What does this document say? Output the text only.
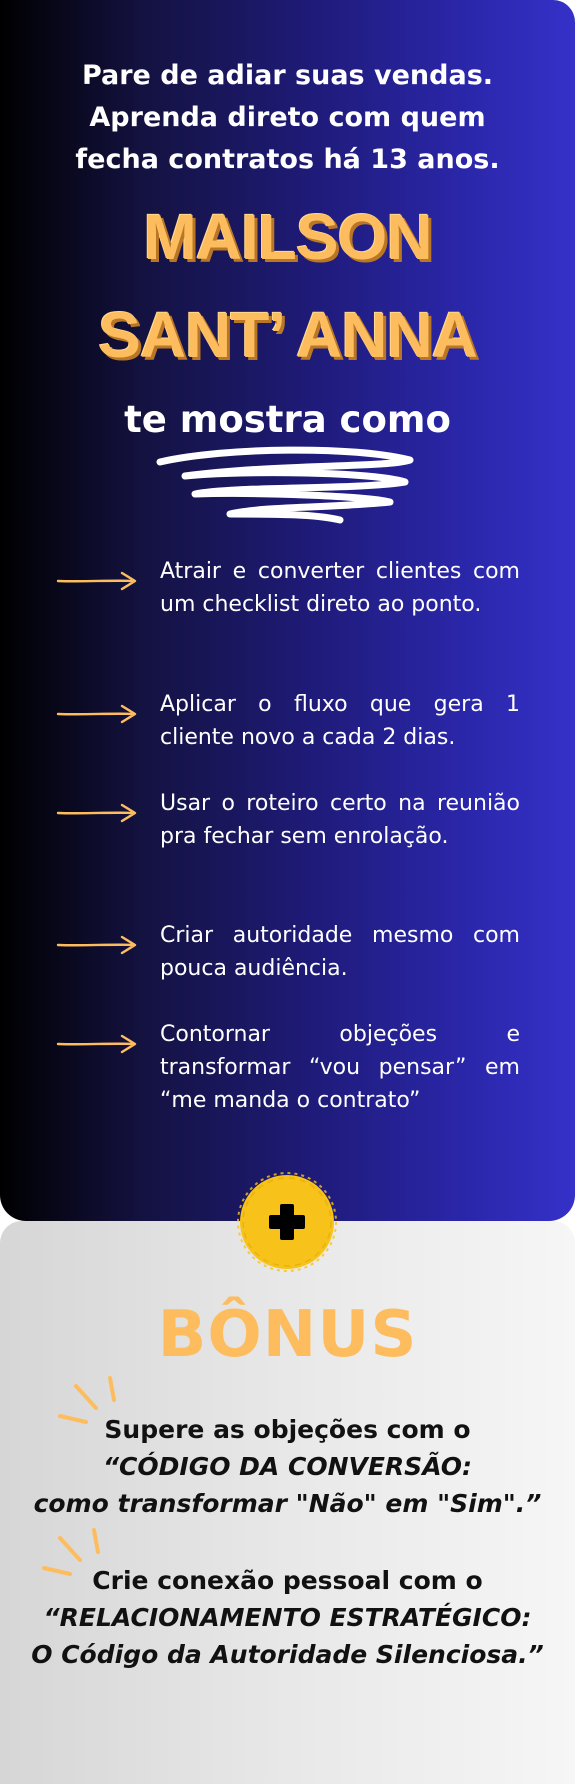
Pare de adiar suas vendas.
Aprenda direto com quem
fecha contratos há 13 anos.
MAILSON
SANT’ ANNA
te mostra como
Atrair e converter clientes com um checklist direto ao ponto.
Aplicar o fluxo que gera 1 cliente novo a cada 2 dias.
Usar o roteiro certo na reunião pra fechar sem enrolação.
Criar autoridade mesmo com pouca audiência.
Contornar objeções e transformar “vou pensar” em “me manda o contrato”
BÔNUS
Supere as objeções com o
“CÓDIGO DA CONVERSÃO:
como transformar "Não" em "Sim".”
Crie conexão pessoal com o
“RELACIONAMENTO ESTRATÉGICO:
O Código da Autoridade Silenciosa.”
